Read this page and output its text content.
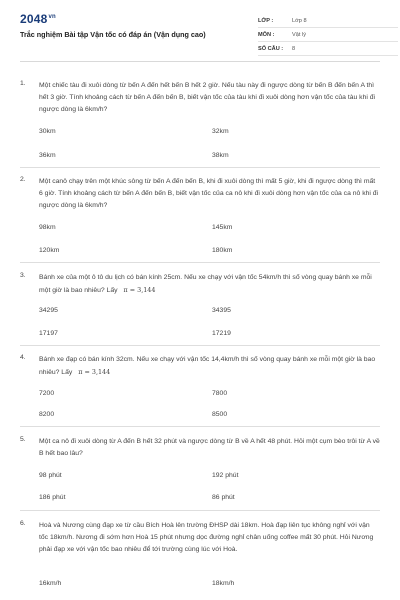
$2048^{vn}$
Trắc nghiệm Bài tập Vận tốc có đáp án (Vận dụng cao)
LỚP :	Lớp 8
MÔN :	Vật lý
SỐ CÂU :	8
1. Một chiếc tàu đi xuôi dòng từ bến A đến hết bến B hết 2 giờ. Nếu tàu này đi ngược dòng từ bến B đến bến A thì hết 3 giờ. Tính khoảng cách từ bến A đến bến B, biết vận tốc của tàu khi đi xuôi dòng hơn vận tốc của tàu khi đi ngược dòng là 6km/h?
30km	32km
36km	38km
2. Một canô chạy trên một khúc sông từ bến A đến bến B, khi đi xuôi dòng thì mất 5 giờ, khi đi ngược dòng thì mất 6 giờ. Tính khoảng cách từ bến A đến bến B, biết vận tốc của ca nô khi đi xuôi dòng hơn vận tốc của ca nô khi đi ngược dòng là 6km/h?
98km	145km
120km	180km
3. Bánh xe của một ô tô du lịch có bán kính 25cm. Nếu xe chạy với vận tốc 54km/h thì số vòng quay bánh xe mỗi một giờ là bao nhiêu? Lấy π = 3,144
34295	34395
17197	17219
4. Bánh xe đạp có bán kính 32cm. Nếu xe chạy với vận tốc 14,4km/h thì số vòng quay bánh xe mỗi một giờ là bao nhiêu? Lấy π = 3,144
7200	7800
8200	8500
5. Một ca nô đi xuôi dòng từ A đến B hết 32 phút và ngược dòng từ B về A hết 48 phút. Hỏi một cụm bèo trôi từ A về B hết bao lâu?
98 phút	192 phút
186 phút	86 phút
6. Hoà và Nương cùng đạp xe từ cầu Bích Hoà lên trường ĐHSP dài 18km. Hoà đạp liên tục không nghỉ với vận tốc 18km/h. Nương đi sớm hơn Hoà 15 phút nhưng dọc đường nghỉ chân uống coffee mất 30 phút. Hỏi Nương phải đạp xe với vận tốc bao nhiêu để tới trường cùng lúc với Hoà.
16km/h	18km/h
